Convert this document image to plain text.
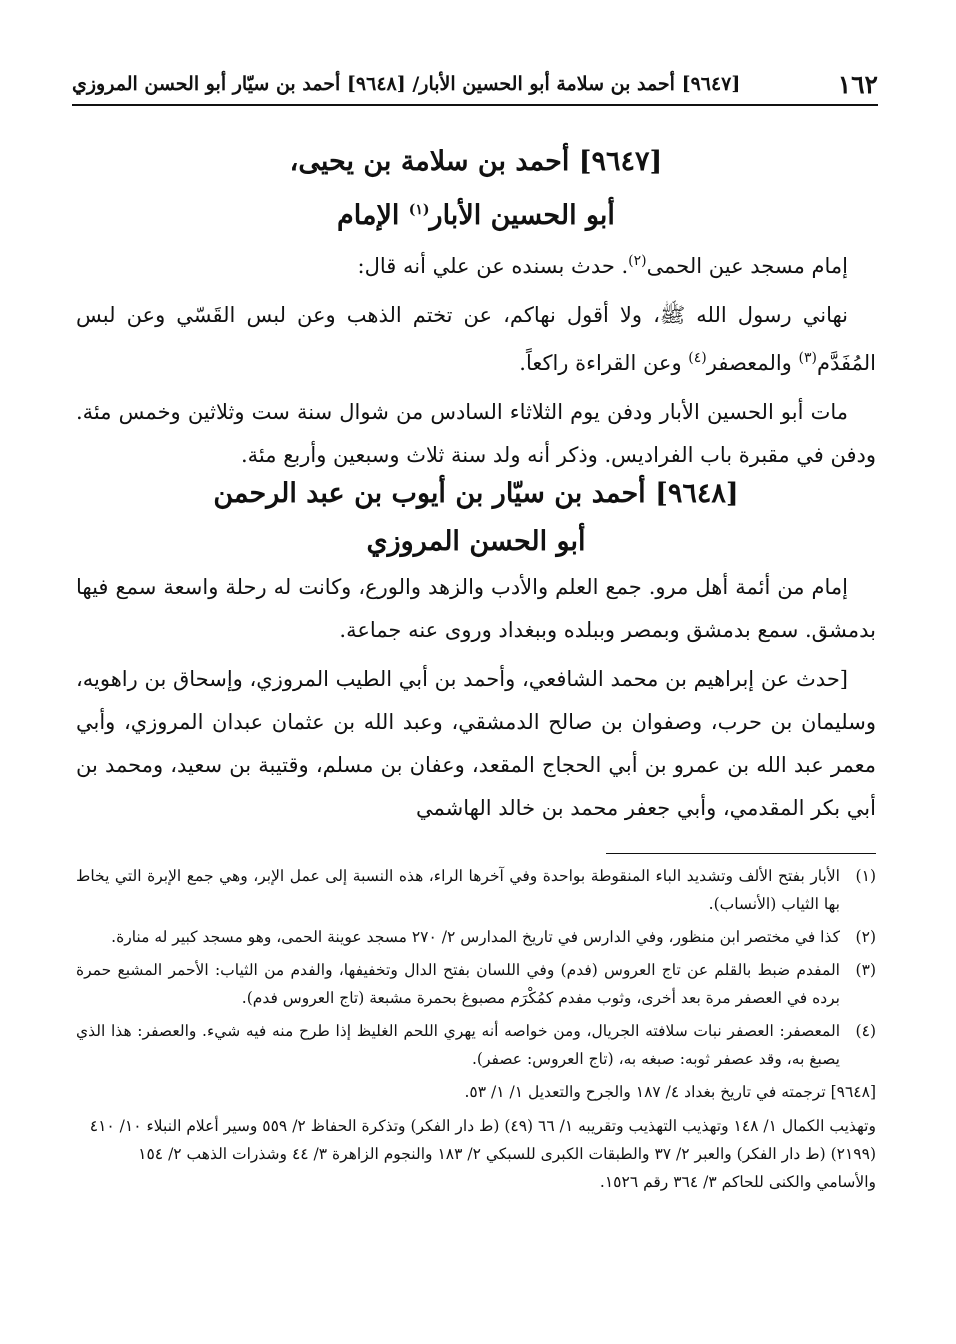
١٦٢
[٩٦٤٧] أحمد بن سلامة أبو الحسين الأبار/ [٩٦٤٨] أحمد بن سيّار أبو الحسن المروزي
[٩٦٤٧] أحمد بن سلامة بن يحيى،
أبو الحسين الأبار$^{(١)}$ الإمام

إمام مسجد عين الحمى$^{(٢)}$. حدث بسنده عن علي أنه قال:

نهاني رسول الله ﷺ، ولا أقول نهاكم، عن تختم الذهب وعن لبس القَسّي وعن لبس المُفَدَّم$^{(٣)}$ والمعصفر$^{(٤)}$ وعن القراءة راكعاً.

مات أبو الحسين الأبار ودفن يوم الثلاثاء السادس من شوال سنة ست وثلاثين وخمس مئة. ودفن في مقبرة باب الفراديس. وذكر أنه ولد سنة ثلاث وسبعين وأربع مئة.

[٩٦٤٨] أحمد بن سيّار بن أيوب بن عبد الرحمن
أبو الحسن المروزي

إمام من أئمة أهل مرو. جمع العلم والأدب والزهد والورع، وكانت له رحلة واسعة سمع فيها بدمشق. سمع بدمشق وبمصر وببلده وببغداد وروى عنه جماعة.

[حدث عن إبراهيم بن محمد الشافعي، وأحمد بن أبي الطيب المروزي، وإسحاق بن راهويه، وسليمان بن حرب، وصفوان بن صالح الدمشقي، وعبد الله بن عثمان عبدان المروزي، وأبي معمر عبد الله بن عمرو بن أبي الحجاج المقعد، وعفان بن مسلم، وقتيبة بن سعيد، ومحمد بن أبي بكر المقدمي، وأبي جعفر محمد بن خالد الهاشمي

(١)
الأبار بفتح الألف وتشديد الباء المنقوطة بواحدة وفي آخرها الراء، هذه النسبة إلى عمل الإبر، وهي جمع الإبرة التي يخاط بها الثياب (الأنساب).
(٢)
كذا في مختصر ابن منظور، وفي الدارس في تاريخ المدارس ٢/ ٢٧٠ مسجد عوينة الحمى، وهو مسجد كبير له منارة.
(٣)
المفدم ضبط بالقلم عن تاج العروس (فدم) وفي اللسان بفتح الدال وتخفيفها، والفدم من الثياب: الأحمر المشبع حمرة برده في العصفر مرة بعد أخرى، وثوب مفدم كمُكْرَم مصبوغ بحمرة مشبعة (تاج العروس فدم).
(٤)
المعصفر: العصفر نبات سلافته الجريال، ومن خواصه أنه يهري اللحم الغليظ إذا طرح منه فيه شيء. والعصفر: هذا الذي يصبغ به، وقد عصفر ثوبه: صبغه به، (تاج العروس: عصفر).

[٩٦٤٨] ترجمته في تاريخ بغداد ٤/ ١٨٧ والجرح والتعديل ١/ ١/ ٥٣.

وتهذيب الكمال ١/ ١٤٨ وتهذيب التهذيب وتقريبه ١/ ٦٦ (٤٩) (ط دار الفكر) وتذكرة الحفاظ ٢/ ٥٥٩ وسير أعلام النبلاء ١٠/ ٤١٠ (٢١٩٩) (ط دار الفكر) والعبر ٢/ ٣٧ والطبقات الكبرى للسبكي ٢/ ١٨٣ والنجوم الزاهرة ٣/ ٤٤ وشذرات الذهب ٢/ ١٥٤ والأسامي والكنى للحاكم ٣/ ٣٦٤ رقم ١٥٢٦.
